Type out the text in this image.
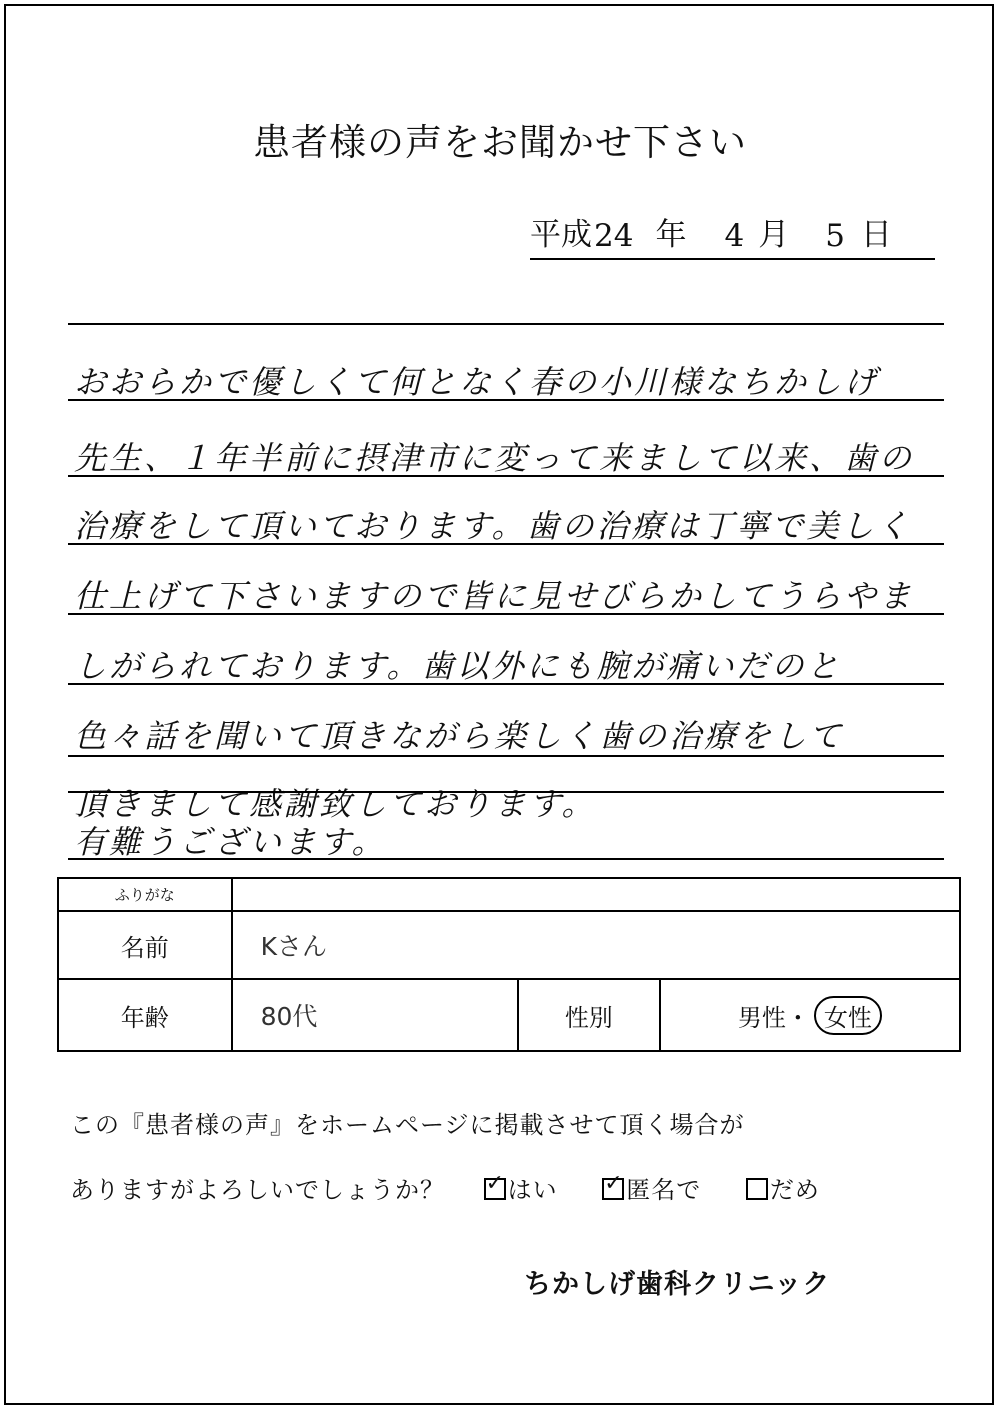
患者様の声をお聞かせ下さい
平成 24 年 4 月 5 日
おおらかで優しくて何となく春の小川様なちかしげ
先生、１年半前に摂津市に変って来まして以来、歯の
治療をして頂いております。歯の治療は丁寧で美しく
仕上げて下さいますので皆に見せびらかしてうらやま
しがられております。歯以外にも腕が痛いだのと
色々話を聞いて頂きながら楽しく歯の治療をして
頂きまして感謝致しております。
有難うございます。
ふりがな			
名前	Kさん		
年齢	80代	性別	男性・ 女性
この『患者様の声』をホームページに掲載させて頂く場合が
ありますがよろしいでしょうか？ ✓	はい ✓	匿名で	だめ
ちかしげ歯科クリニック
